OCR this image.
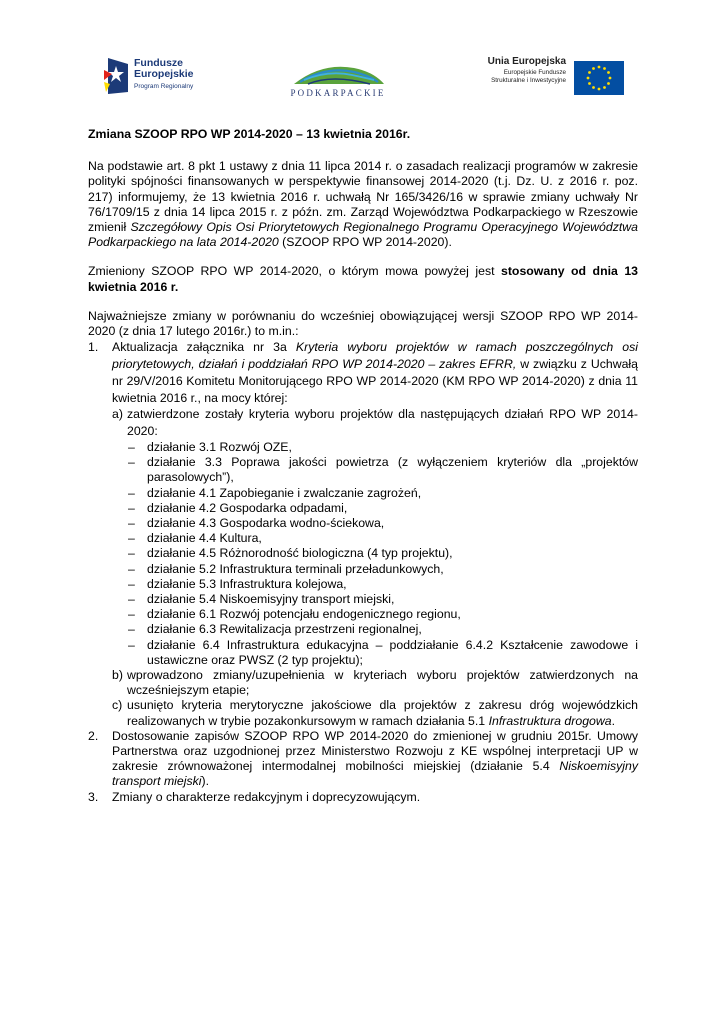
Fundusze
Europejskie
Program Regionalny
PODKARPACKIE
Unia Europejska
Europejskie Fundusze
Strukturalne i Inwestycyjne

Zmiana SZOOP RPO WP 2014-2020 – 13 kwietnia 2016r.

Na podstawie art. 8 pkt 1 ustawy z dnia 11 lipca 2014 r. o zasadach realizacji programów w zakresie polityki spójności finansowanych w perspektywie finansowej 2014-2020 (t.j. Dz. U. z 2016 r. poz. 217) informujemy, że 13 kwietnia 2016 r. uchwałą Nr 165/3426/16 w sprawie zmiany uchwały Nr 76/1709/15 z dnia 14 lipca 2015 r. z późn. zm. Zarząd Województwa Podkarpackiego w Rzeszowie zmienił Szczegółowy Opis Osi Priorytetowych Regionalnego Programu Operacyjnego Województwa Podkarpackiego na lata 2014-2020 (SZOOP RPO WP 2014-2020).

Zmieniony SZOOP RPO WP 2014-2020, o którym mowa powyżej jest stosowany od dnia 13 kwietnia 2016 r.

Najważniejsze zmiany w porównaniu do wcześniej obowiązującej wersji SZOOP RPO WP 2014-2020 (z dnia 17 lutego 2016r.) to m.in.:

1. Aktualizacja załącznika nr 3a Kryteria wyboru projektów w ramach poszczególnych osi priorytetowych, działań i poddziałań RPO WP 2014-2020 – zakres EFRR, w związku z Uchwałą nr 29/V/2016 Komitetu Monitorującego RPO WP 2014-2020 (KM RPO WP 2014-2020) z dnia 11 kwietnia 2016 r., na mocy której:

a) zatwierdzone zostały kryteria wyboru projektów dla następujących działań RPO WP 2014-2020:

– działanie 3.1 Rozwój OZE,
– działanie 3.3 Poprawa jakości powietrza (z wyłączeniem kryteriów dla „projektów parasolowych”),
– działanie 4.1 Zapobieganie i zwalczanie zagrożeń,
– działanie 4.2 Gospodarka odpadami,
– działanie 4.3 Gospodarka wodno-ściekowa,
– działanie 4.4 Kultura,
– działanie 4.5 Różnorodność biologiczna (4 typ projektu),
– działanie 5.2 Infrastruktura terminali przeładunkowych,
– działanie 5.3 Infrastruktura kolejowa,
– działanie 5.4 Niskoemisyjny transport miejski,
– działanie 6.1 Rozwój potencjału endogenicznego regionu,
– działanie 6.3 Rewitalizacja przestrzeni regionalnej,
– działanie 6.4 Infrastruktura edukacyjna – poddziałanie 6.4.2 Kształcenie zawodowe i ustawiczne oraz PWSZ (2 typ projektu);
b) wprowadzono zmiany/uzupełnienia w kryteriach wyboru projektów zatwierdzonych na wcześniejszym etapie;

c) usunięto kryteria merytoryczne jakościowe dla projektów z zakresu dróg wojewódzkich realizowanych w trybie pozakonkursowym w ramach działania 5.1 Infrastruktura drogowa.

2. Dostosowanie zapisów SZOOP RPO WP 2014-2020 do zmienionej w grudniu 2015r. Umowy Partnerstwa oraz uzgodnionej przez Ministerstwo Rozwoju z KE wspólnej interpretacji UP w zakresie zrównoważonej intermodalnej mobilności miejskiej (działanie 5.4 Niskoemisyjny transport miejski).

3. Zmiany o charakterze redakcyjnym i doprecyzowującym.
